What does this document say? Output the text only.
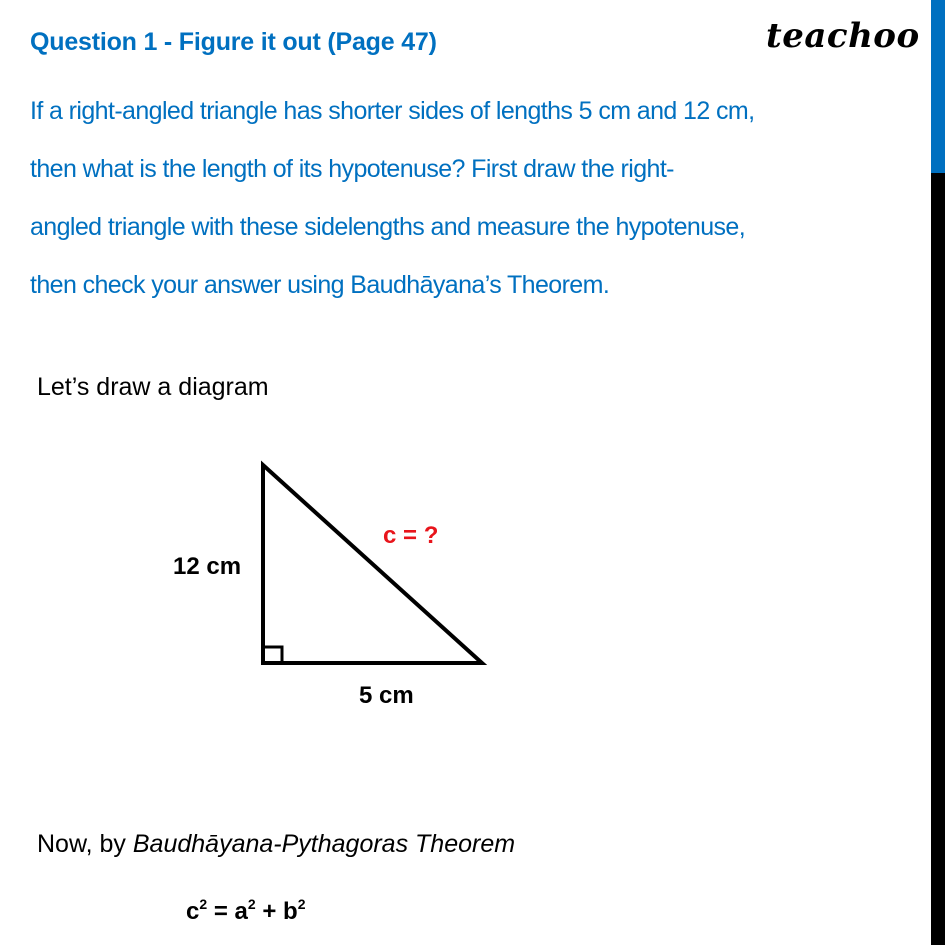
Question 1 - Figure it out (Page 47)	teachoo
If a right-angled triangle has shorter sides of lengths 5 cm and 12 cm,
then what is the length of its hypotenuse? First draw the right-
angled triangle with these sidelengths and measure the hypotenuse,
then check your answer using Baudhāyana’s Theorem.
Let’s draw a diagram
12 cm
5 cm
c = ?
Now, by Baudhāyana-Pythagoras Theorem
$c^2 = a^2 + b^2$
